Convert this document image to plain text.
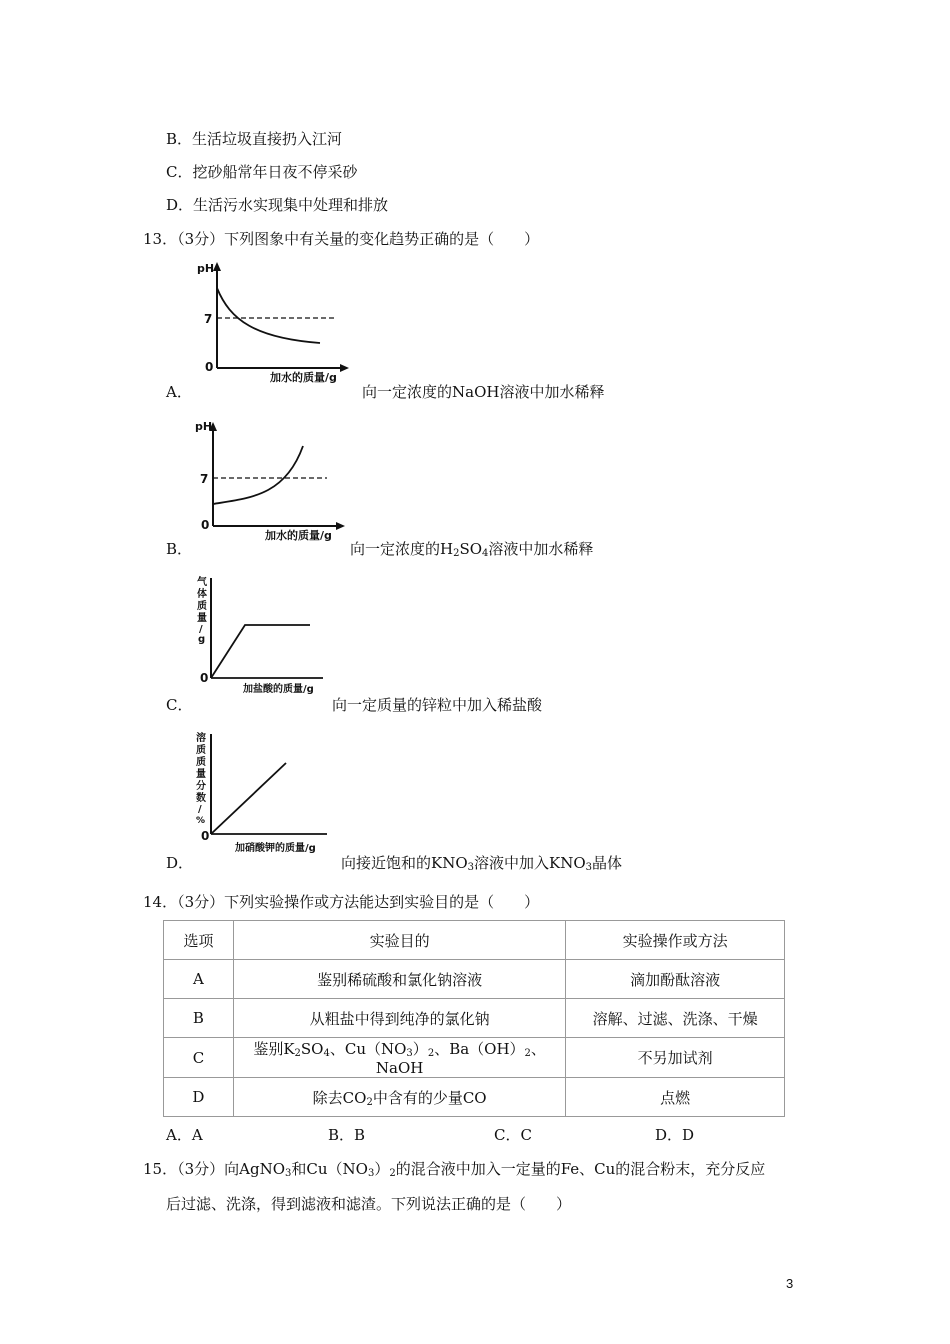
B．生活垃圾直接扔入江河
C．挖砂船常年日夜不停采砂
D．生活污水实现集中处理和排放
13．（3分）下列图象中有关量的变化趋势正确的是（　　）
pH
7
0
加水的质量/g
A．	向一定浓度的NaOH溶液中加水稀释
pH
7
0
加水的质量/g
B．	向一定浓度的$H_2SO_4$溶液中加水稀释
气
体
质
量
/
g
0
加盐酸的质量/g
C．	向一定质量的锌粒中加入稀盐酸
溶
质
质
量
分
数
/
%
0
加硝酸钾的质量/g
D．	向接近饱和的$KNO_3$溶液中加入$KNO_3$晶体
14．（3分）下列实验操作或方法能达到实验目的是（　　）
选项	实验目的	实验操作或方法
A	鉴别稀硫酸和氯化钠溶液	滴加酚酞溶液
B	从粗盐中得到纯净的氯化钠	溶解、过滤、洗涤、干燥
C	鉴别$K_2SO_4$、$Cu(NO_3)_2$、$Ba(OH)_2$、NaOH	不另加试剂
D	除去$CO_2$中含有的少量CO	点燃
A．A	B．B	C．C	D．D
15．（3分）向AgNO$_3$和$Cu(NO_3)_2$的混合液中加入一定量的Fe、Cu的混合粉末，充分反应
后过滤、洗涤，得到滤液和滤渣。下列说法正确的是（　　）
3
